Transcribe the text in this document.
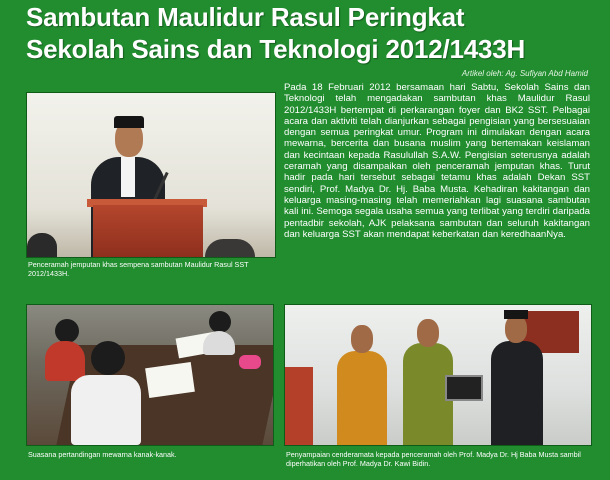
Sambutan Maulidur Rasul Peringkat
Sekolah Sains dan Teknologi 2012/1433H
Artikel oleh: Ag. Sufiyan Abd Hamid
Penceramah jemputan khas sempena sambutan Maulidur Rasul SST 2012/1433H.

Pada 18 Februari 2012 bersamaan hari Sabtu, Sekolah Sains dan Teknologi telah mengadakan sambutan khas Maulidur Rasul 2012/1433H bertempat di perkarangan foyer dan BK2 SST. Pelbagai acara dan aktiviti telah dianjurkan sebagai pengisian yang bersesuaian dengan semua peringkat umur. Program ini dimulakan dengan acara mewarna, bercerita dan busana muslim yang bertemakan keislaman dan kecintaan kepada Rasulullah S.A.W. Pengisian seterusnya adalah ceramah yang disampaikan oleh penceramah jemputan khas. Turut hadir pada hari tersebut sebagai tetamu khas adalah Dekan SST sendiri, Prof. Madya Dr. Hj. Baba Musta. Kehadiran kakitangan dan keluarga masing-masing telah memeriahkan lagi suasana sambutan kali ini. Semoga segala usaha semua yang terlibat yang terdiri daripada pentadbir sekolah, AJK pelaksana sambutan dan seluruh kakitangan dan keluarga SST akan mendapat keberkatan dan keredhaanNya.

Suasana pertandingan mewarna kanak-kanak.	Penyampaian cenderamata kepada penceramah oleh Prof. Madya Dr. Hj Baba Musta sambil diperhatikan oleh Prof. Madya Dr. Kawi Bidin.
